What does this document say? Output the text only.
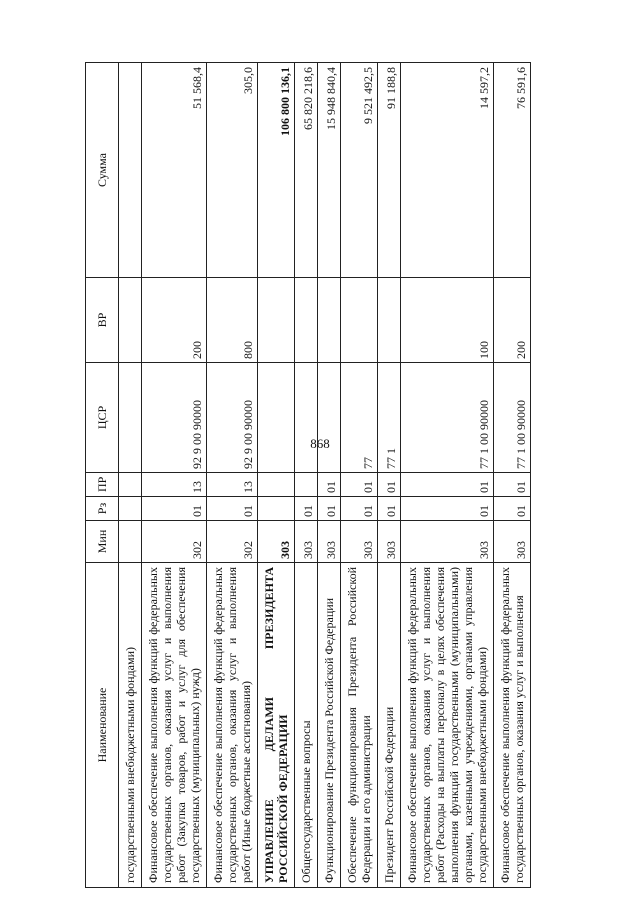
868
Наименование	Мин	Рз	ПР	ЦСР	ВР	Сумма
государственными внебюджетными фондами)						
Финансовое обеспечение выполнения функций федеральных государственных органов, оказания услуг и выполнения работ (Закупка товаров, работ и услуг для обеспечения государственных (муниципальных) нужд)	302	01	13	92 9 00 90000	200	51 568,4
Финансовое обеспечение выполнения функций федеральных государственных органов, оказания услуг и выполнения работ (Иные бюджетные ассигнования)	302	01	13	92 9 00 90000	800	305,0
УПРАВЛЕНИЕ ДЕЛАМИ ПРЕЗИДЕНТА РОССИЙСКОЙ ФЕДЕРАЦИИ	303					106 800 136,1
Общегосударственные вопросы	303	01				65 820 218,6
Функционирование Президента Российской Федерации	303	01	01			15 948 840,4
Обеспечение функционирования Президента Российской Федерации и его администрации	303	01	01	77		9 521 492,5
Президент Российской Федерации	303	01	01	77 1		91 188,8
Финансовое обеспечение выполнения функций федеральных государственных органов, оказания услуг и выполнения работ (Расходы на выплаты персоналу в целях обеспечения выполнения функций государственными (муниципальными) органами, казенными учреждениями, органами управления государственными внебюджетными фондами)	303	01	01	77 1 00 90000	100	14 597,2
Финансовое обеспечение выполнения функций федеральных государственных органов, оказания услуг и выполнения	303	01	01	77 1 00 90000	200	76 591,6
